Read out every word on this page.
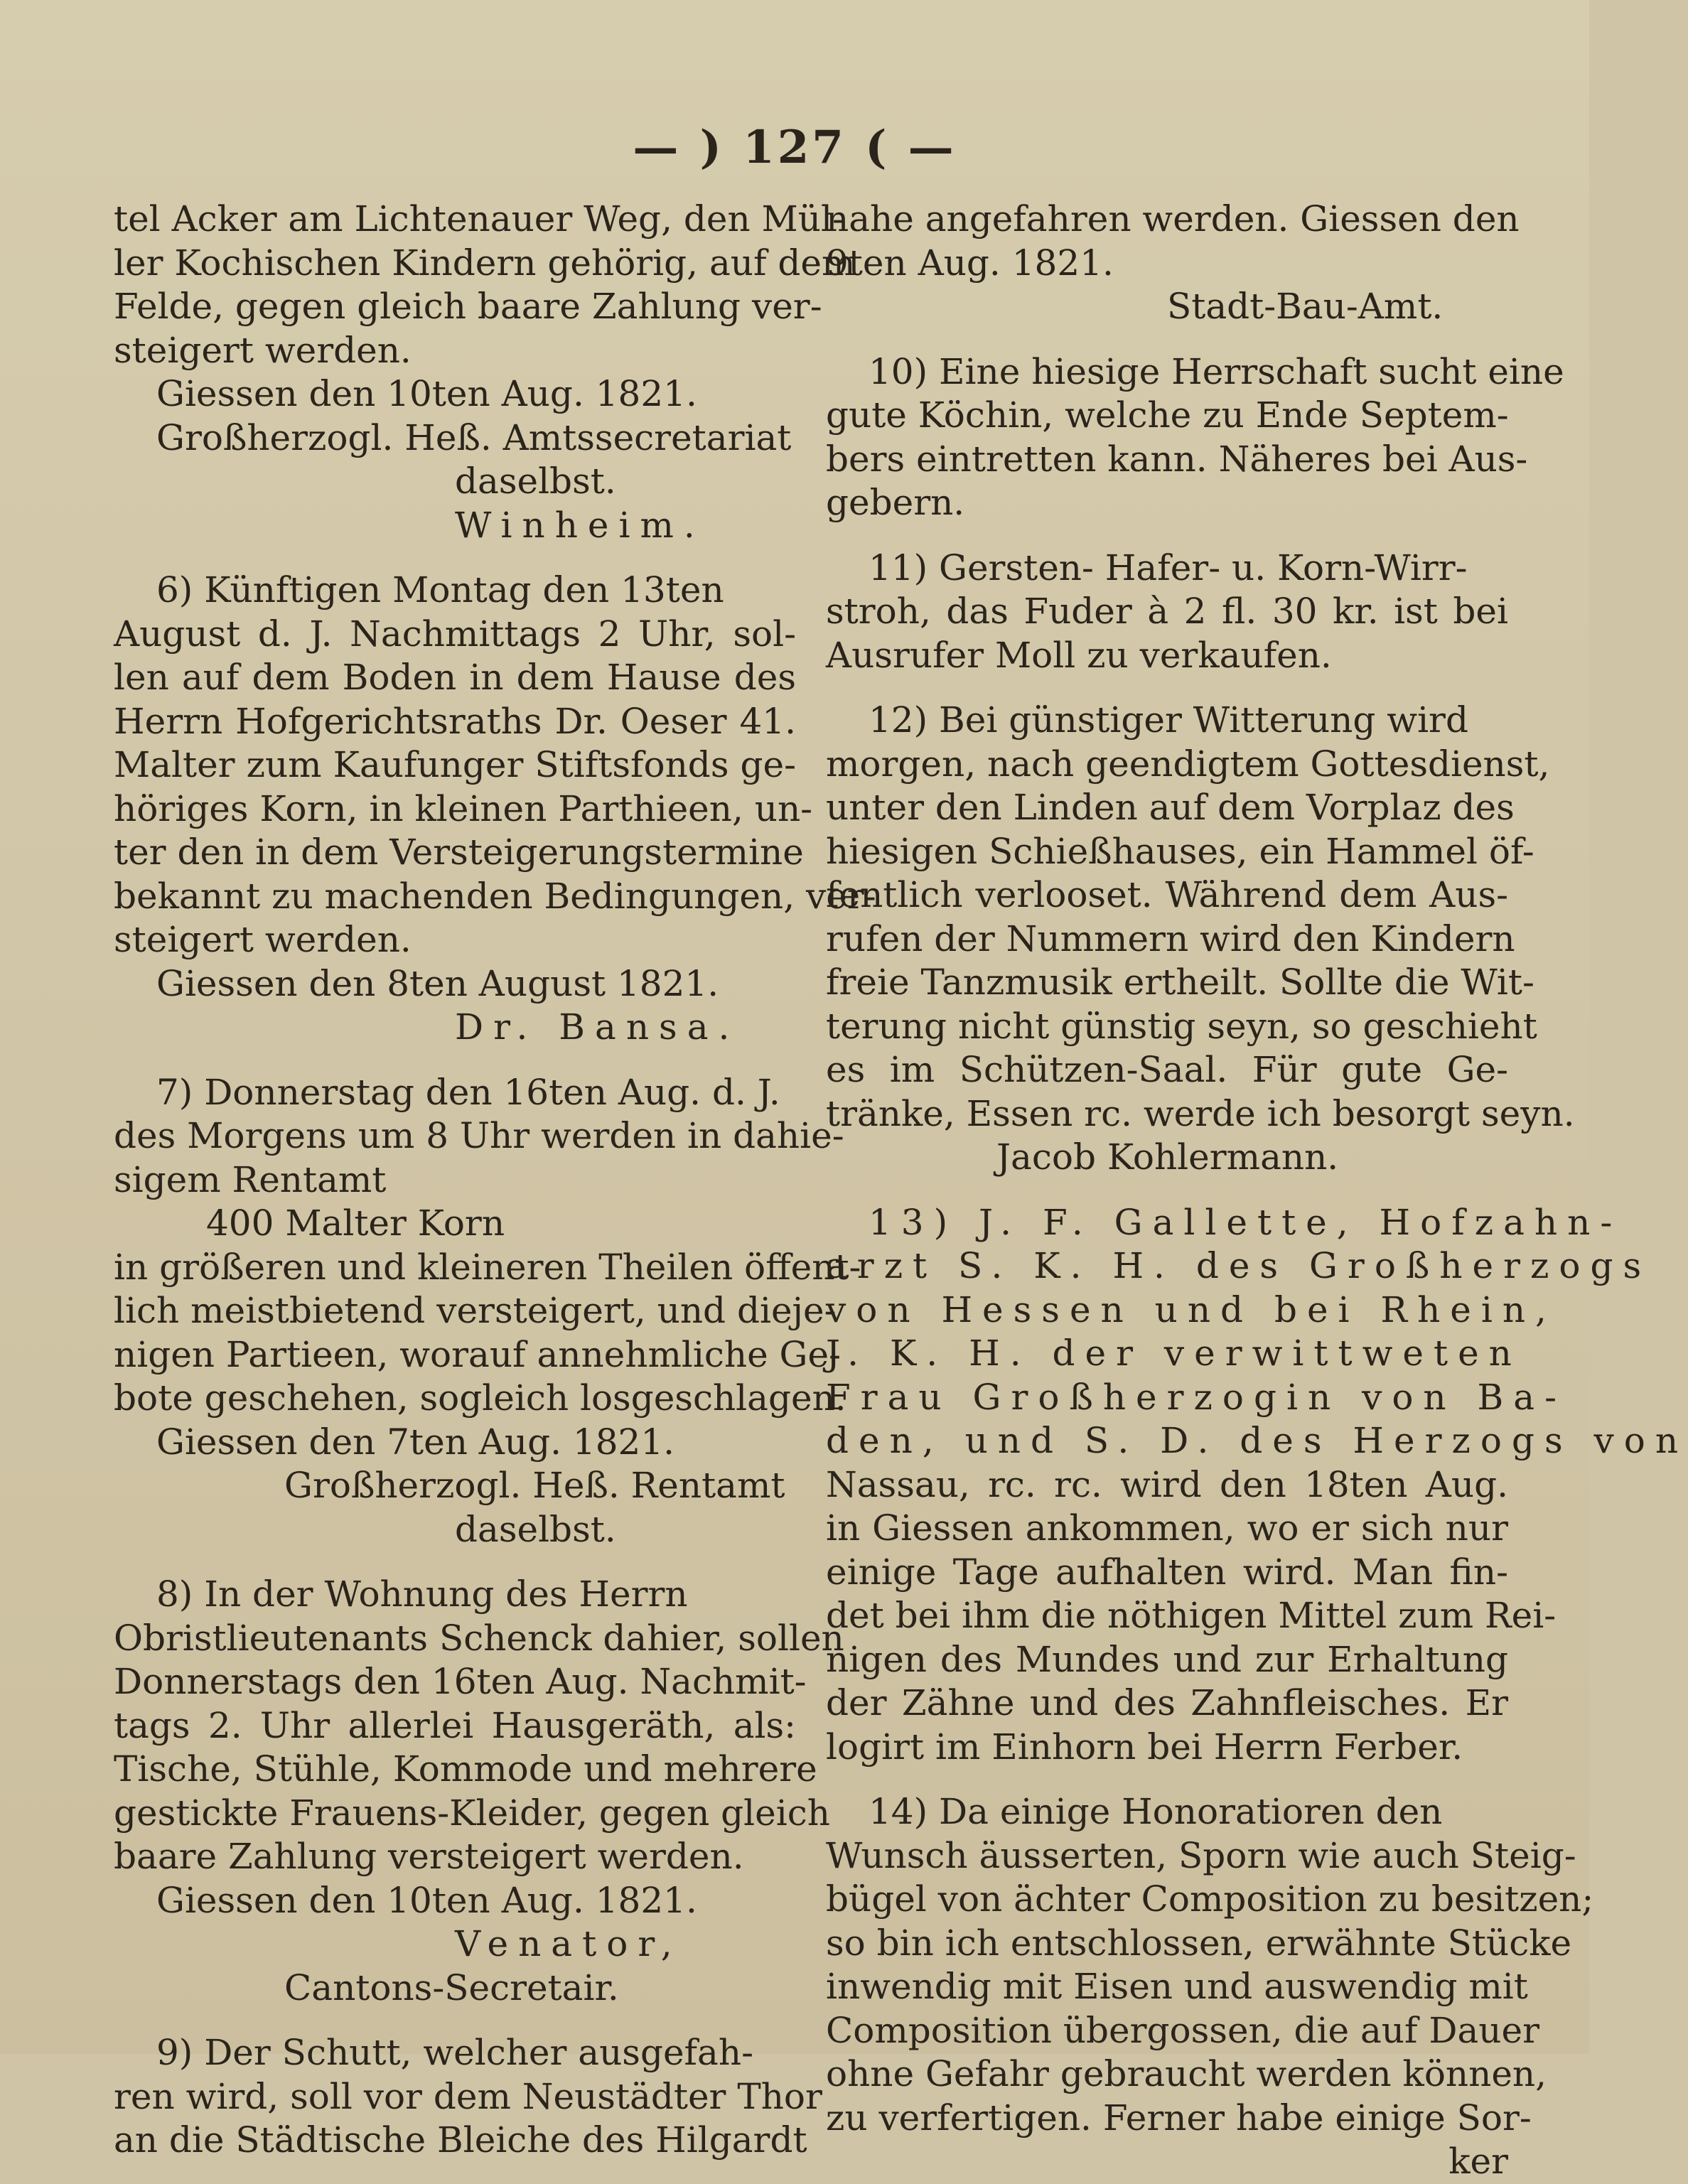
— ) 127 ( —
tel Acker am Lichtenauer Weg, den Mül-
ler Kochischen Kindern gehörig, auf dem
Felde, gegen gleich baare Zahlung ver-
steigert werden.
Giessen den 10ten Aug. 1821.
Großherzogl. Heß. Amtssecretariat
daselbst.
Winheim.
6) Künftigen Montag den 13ten
August d. J. Nachmittags 2 Uhr, sol-
len auf dem Boden in dem Hause des
Herrn Hofgerichtsraths Dr. Oeser 41.
Malter zum Kaufunger Stiftsfonds ge-
höriges Korn, in kleinen Parthieen, un-
ter den in dem Versteigerungstermine
bekannt zu machenden Bedingungen, ver-
steigert werden.
Giessen den 8ten August 1821.
Dr. Bansa.
7) Donnerstag den 16ten Aug. d. J.
des Morgens um 8 Uhr werden in dahie-
sigem Rentamt
400 Malter Korn
in größeren und kleineren Theilen öffent-
lich meistbietend versteigert, und dieje-
nigen Partieen, worauf annehmliche Ge-
bote geschehen, sogleich losgeschlagen.
Giessen den 7ten Aug. 1821.
Großherzogl. Heß. Rentamt
daselbst.
8) In der Wohnung des Herrn
Obristlieutenants Schenck dahier, sollen
Donnerstags den 16ten Aug. Nachmit-
tags 2. Uhr allerlei Hausgeräth, als:
Tische, Stühle, Kommode und mehrere
gestickte Frauens-Kleider, gegen gleich
baare Zahlung versteigert werden.
Giessen den 10ten Aug. 1821.
Venator,
Cantons-Secretair.
9) Der Schutt, welcher ausgefah-
ren wird, soll vor dem Neustädter Thor
an die Städtische Bleiche des Hilgardt
nahe angefahren werden. Giessen den
9ten Aug. 1821.
Stadt-Bau-Amt.
10) Eine hiesige Herrschaft sucht eine
gute Köchin, welche zu Ende Septem-
bers eintretten kann. Näheres bei Aus-
gebern.
11) Gersten- Hafer- u. Korn-Wirr-
stroh, das Fuder à 2 fl. 30 kr. ist bei
Ausrufer Moll zu verkaufen.
12) Bei günstiger Witterung wird
morgen, nach geendigtem Gottesdienst,
unter den Linden auf dem Vorplaz des
hiesigen Schießhauses, ein Hammel öf-
fentlich verlooset. Während dem Aus-
rufen der Nummern wird den Kindern
freie Tanzmusik ertheilt. Sollte die Wit-
terung nicht günstig seyn, so geschieht
es im Schützen-Saal. Für gute Ge-
tränke, Essen rc. werde ich besorgt seyn.
Jacob Kohlermann.
13) J. F. Gallette, Hofzahn-
arzt S. K. H. des Großherzogs
von Hessen und bei Rhein,
J. K. H. der verwittweten
Frau Großherzogin von Ba-
den, und S. D. des Herzogs von
Nassau, rc. rc. wird den 18ten Aug.
in Giessen ankommen, wo er sich nur
einige Tage aufhalten wird. Man fin-
det bei ihm die nöthigen Mittel zum Rei-
nigen des Mundes und zur Erhaltung
der Zähne und des Zahnfleisches. Er
logirt im Einhorn bei Herrn Ferber.
14) Da einige Honoratioren den
Wunsch äusserten, Sporn wie auch Steig-
bügel von ächter Composition zu besitzen;
so bin ich entschlossen, erwähnte Stücke
inwendig mit Eisen und auswendig mit
Composition übergossen, die auf Dauer
ohne Gefahr gebraucht werden können,
zu verfertigen. Ferner habe einige Sor-
ker
